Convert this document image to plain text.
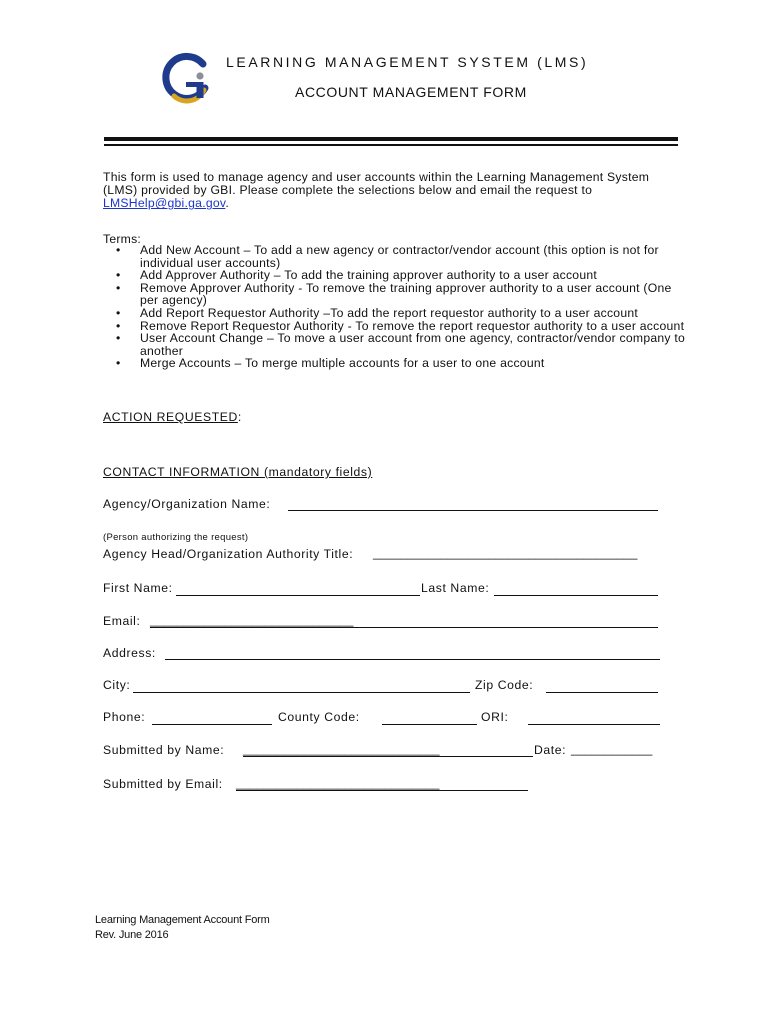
LEARNING MANAGEMENT SYSTEM (LMS)
ACCOUNT MANAGEMENT FORM
This form is used to manage agency and user accounts within the Learning Management System (LMS) provided by GBI. Please complete the selections below and email the request to LMSHelp@gbi.ga.gov.
Terms:
• Add New Account – To add a new agency or contractor/vendor account (this option is not for individual user accounts)
• Add Approver Authority – To add the training approver authority to a user account
• Remove Approver Authority - To remove the training approver authority to a user account (One per agency)
• Add Report Requestor Authority –To add the report requestor authority to a user account
• Remove Report Requestor Authority - To remove the report requestor authority to a user account
• User Account Change – To move a user account from one agency, contractor/vendor company to another
• Merge Accounts – To merge multiple accounts for a user to one account
ACTION REQUESTED:
CONTACT INFORMATION (mandatory fields)
Agency/Organization Name:
(Person authorizing the request)
Agency Head/Organization Authority Title: _______________________________________
First Name:	Last Name:
Email: ______________________________
Address:
City:	Zip Code:
Phone:	County Code:	ORI:
Submitted by Name: _____________________________	Date: ____________
Submitted by Email: ______________________________
Learning Management Account Form
Rev. June 2016
